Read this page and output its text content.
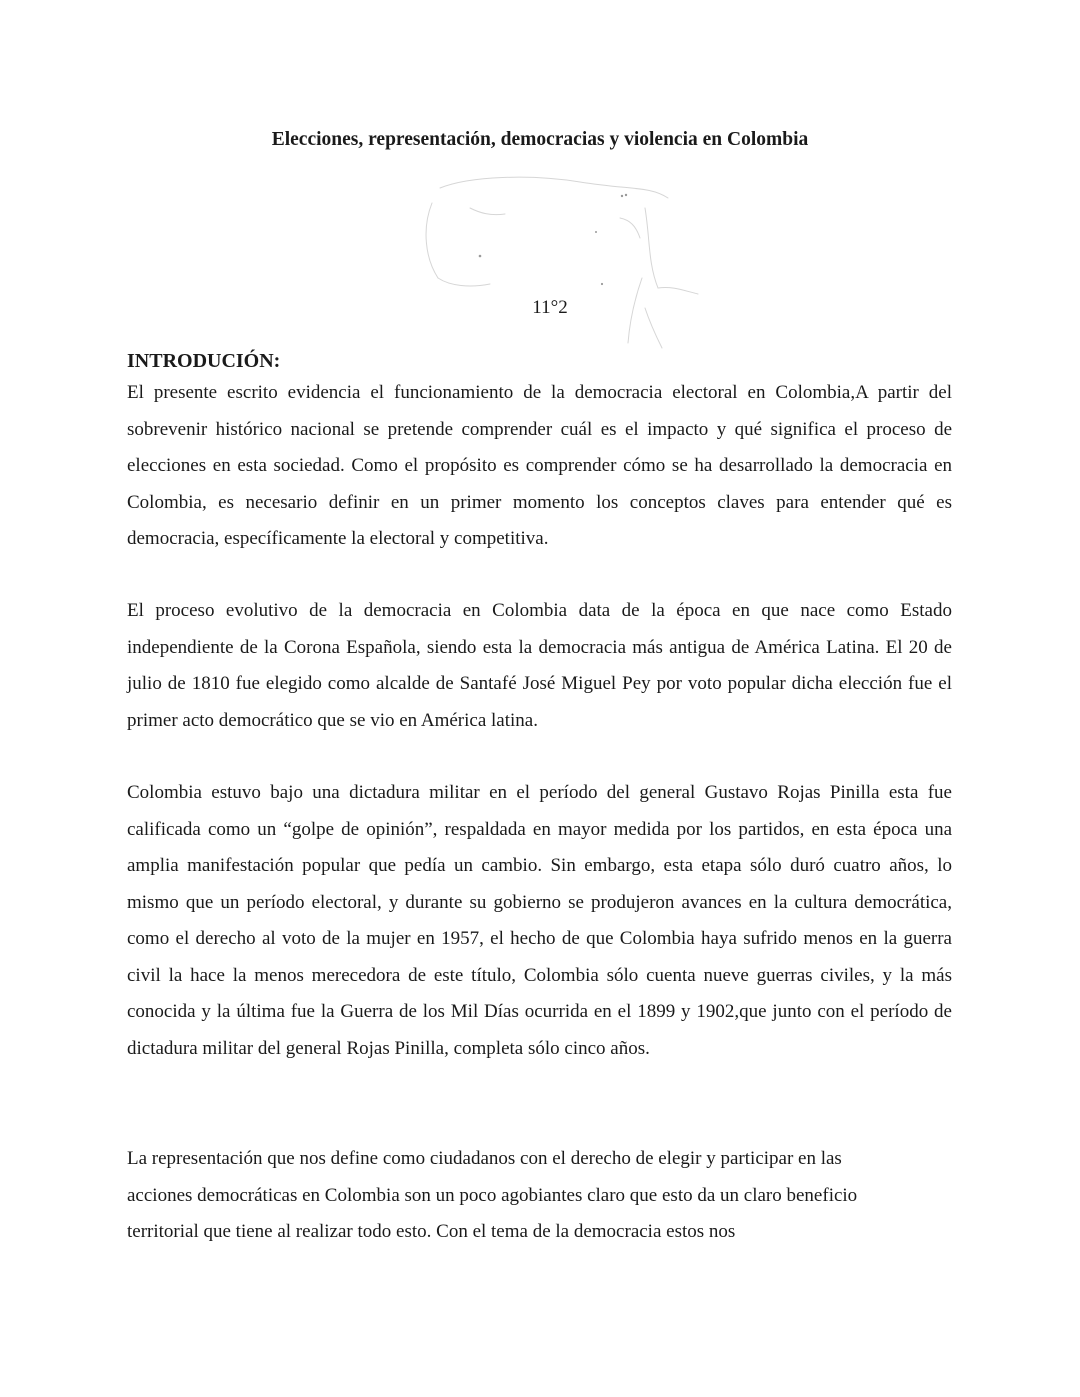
Elecciones, representación, democracias y violencia en Colombia
11°2
INTRODUCIÓN:

El presente escrito evidencia el funcionamiento de la democracia electoral en Colombia,A partir del sobrevenir histórico nacional se pretende comprender cuál es el impacto y qué significa el proceso de elecciones en esta sociedad. Como el propósito es comprender cómo se ha desarrollado la democracia en Colombia, es necesario definir en un primer momento los conceptos claves para entender qué es democracia, específicamente la electoral y competitiva.

El proceso evolutivo de la democracia en Colombia data de la época en que nace como Estado independiente de la Corona Española, siendo esta la democracia más antigua de América Latina. El 20 de julio de 1810 fue elegido como alcalde de Santafé José Miguel Pey por voto popular dicha elección fue el primer acto democrático que se vio en América latina.

Colombia estuvo bajo una dictadura militar en el período del general Gustavo Rojas Pinilla esta fue calificada como un “golpe de opinión”, respaldada en mayor medida por los partidos, en esta época una amplia manifestación popular que pedía un cambio. Sin embargo, esta etapa sólo duró cuatro años, lo mismo que un período electoral, y durante su gobierno se produjeron avances en la cultura democrática, como el derecho al voto de la mujer en 1957, el hecho de que Colombia haya sufrido menos en la guerra civil la hace la menos merecedora de este título, Colombia sólo cuenta nueve guerras civiles, y la más conocida y la última fue la Guerra de los Mil Días ocurrida en el 1899 y 1902,que junto con el período de dictadura militar del general Rojas Pinilla, completa sólo cinco años.

La representación que nos define como ciudadanos con el derecho de elegir y participar en las acciones democráticas en Colombia son un poco agobiantes claro que esto da un claro beneficio territorial que tiene al realizar todo esto. Con el tema de la democracia estos nos
